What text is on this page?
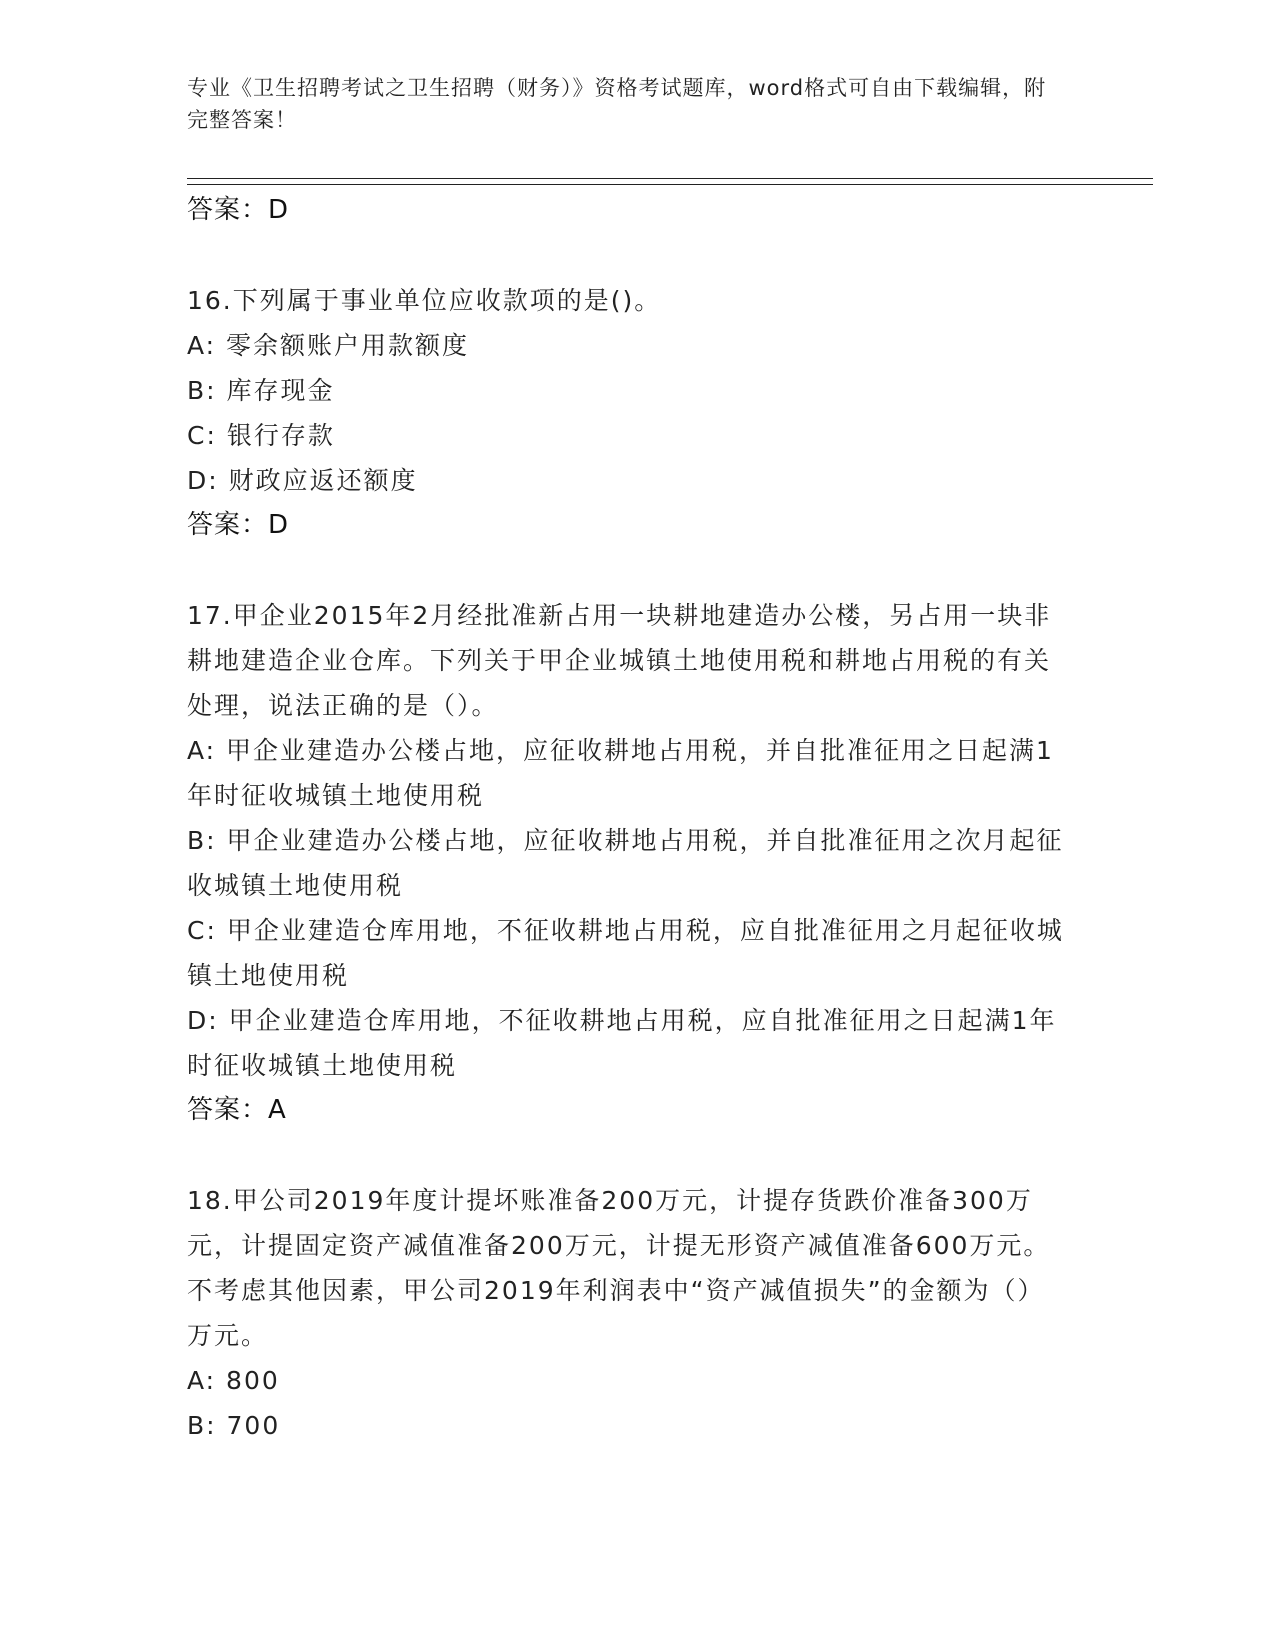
专业《卫生招聘考试之卫生招聘（财务）》资格考试题库，word格式可自由下载编辑，附完整答案！

答案：D

16.下列属于事业单位应收款项的是()。

A: 零余额账户用款额度

B: 库存现金

C: 银行存款

D: 财政应返还额度

答案：D

17.甲企业2015年2月经批准新占用一块耕地建造办公楼，另占用一块非耕地建造企业仓库。下列关于甲企业城镇土地使用税和耕地占用税的有关处理，说法正确的是（）。

A: 甲企业建造办公楼占地，应征收耕地占用税，并自批准征用之日起满1年时征收城镇土地使用税

B: 甲企业建造办公楼占地，应征收耕地占用税，并自批准征用之次月起征收城镇土地使用税

C: 甲企业建造仓库用地，不征收耕地占用税，应自批准征用之月起征收城镇土地使用税

D: 甲企业建造仓库用地，不征收耕地占用税，应自批准征用之日起满1年时征收城镇土地使用税

答案：A

18.甲公司2019年度计提坏账准备200万元，计提存货跌价准备300万元，计提固定资产减值准备200万元，计提无形资产减值准备600万元。不考虑其他因素，甲公司2019年利润表中“资产减值损失”的金额为（）万元。

A: 800

B: 700
